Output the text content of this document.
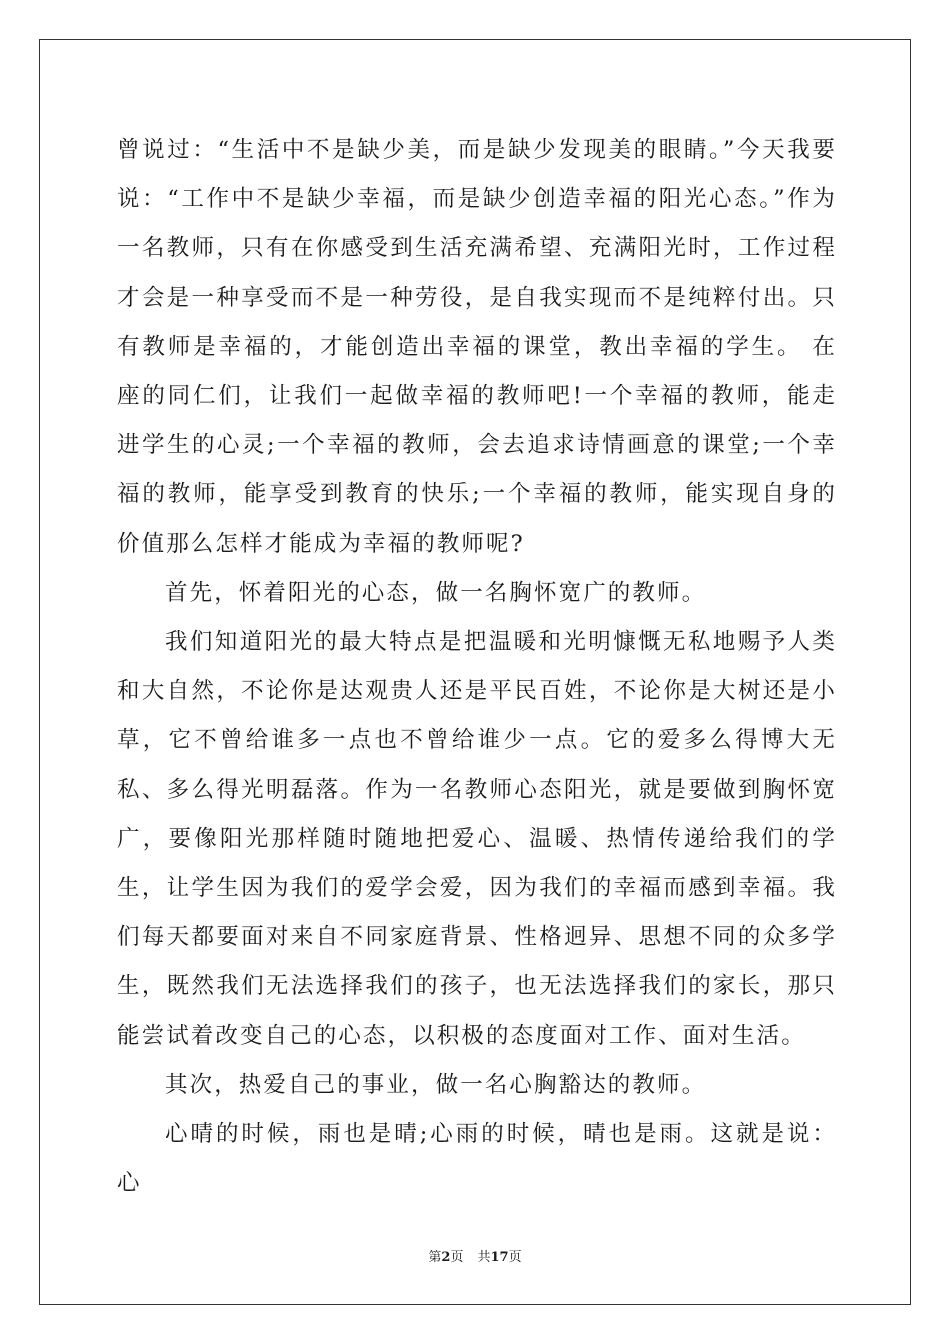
曾说过：“生活中不是缺少美，而是缺少发现美的眼睛。”今天我要说：“工作中不是缺少幸福，而是缺少创造幸福的阳光心态。”作为一名教师，只有在你感受到生活充满希望、充满阳光时，工作过程才会是一种享受而不是一种劳役，是自我实现而不是纯粹付出。只有教师是幸福的，才能创造出幸福的课堂，教出幸福的学生。 在座的同仁们，让我们一起做幸福的教师吧!一个幸福的教师，能走进学生的心灵;一个幸福的教师，会去追求诗情画意的课堂;一个幸福的教师，能享受到教育的快乐;一个幸福的教师，能实现自身的价值那么怎样才能成为幸福的教师呢?

首先，怀着阳光的心态，做一名胸怀宽广的教师。

我们知道阳光的最大特点是把温暖和光明慷慨无私地赐予人类和大自然，不论你是达观贵人还是平民百姓，不论你是大树还是小草，它不曾给谁多一点也不曾给谁少一点。它的爱多么得博大无私、多么得光明磊落。作为一名教师心态阳光，就是要做到胸怀宽广，要像阳光那样随时随地把爱心、温暖、热情传递给我们的学生，让学生因为我们的爱学会爱，因为我们的幸福而感到幸福。我们每天都要面对来自不同家庭背景、性格迥异、思想不同的众多学生，既然我们无法选择我们的孩子，也无法选择我们的家长，那只能尝试着改变自己的心态，以积极的态度面对工作、面对生活。

其次，热爱自己的事业，做一名心胸豁达的教师。

心晴的时候，雨也是晴;心雨的时候，晴也是雨。这就是说：心

第2页 共17页
